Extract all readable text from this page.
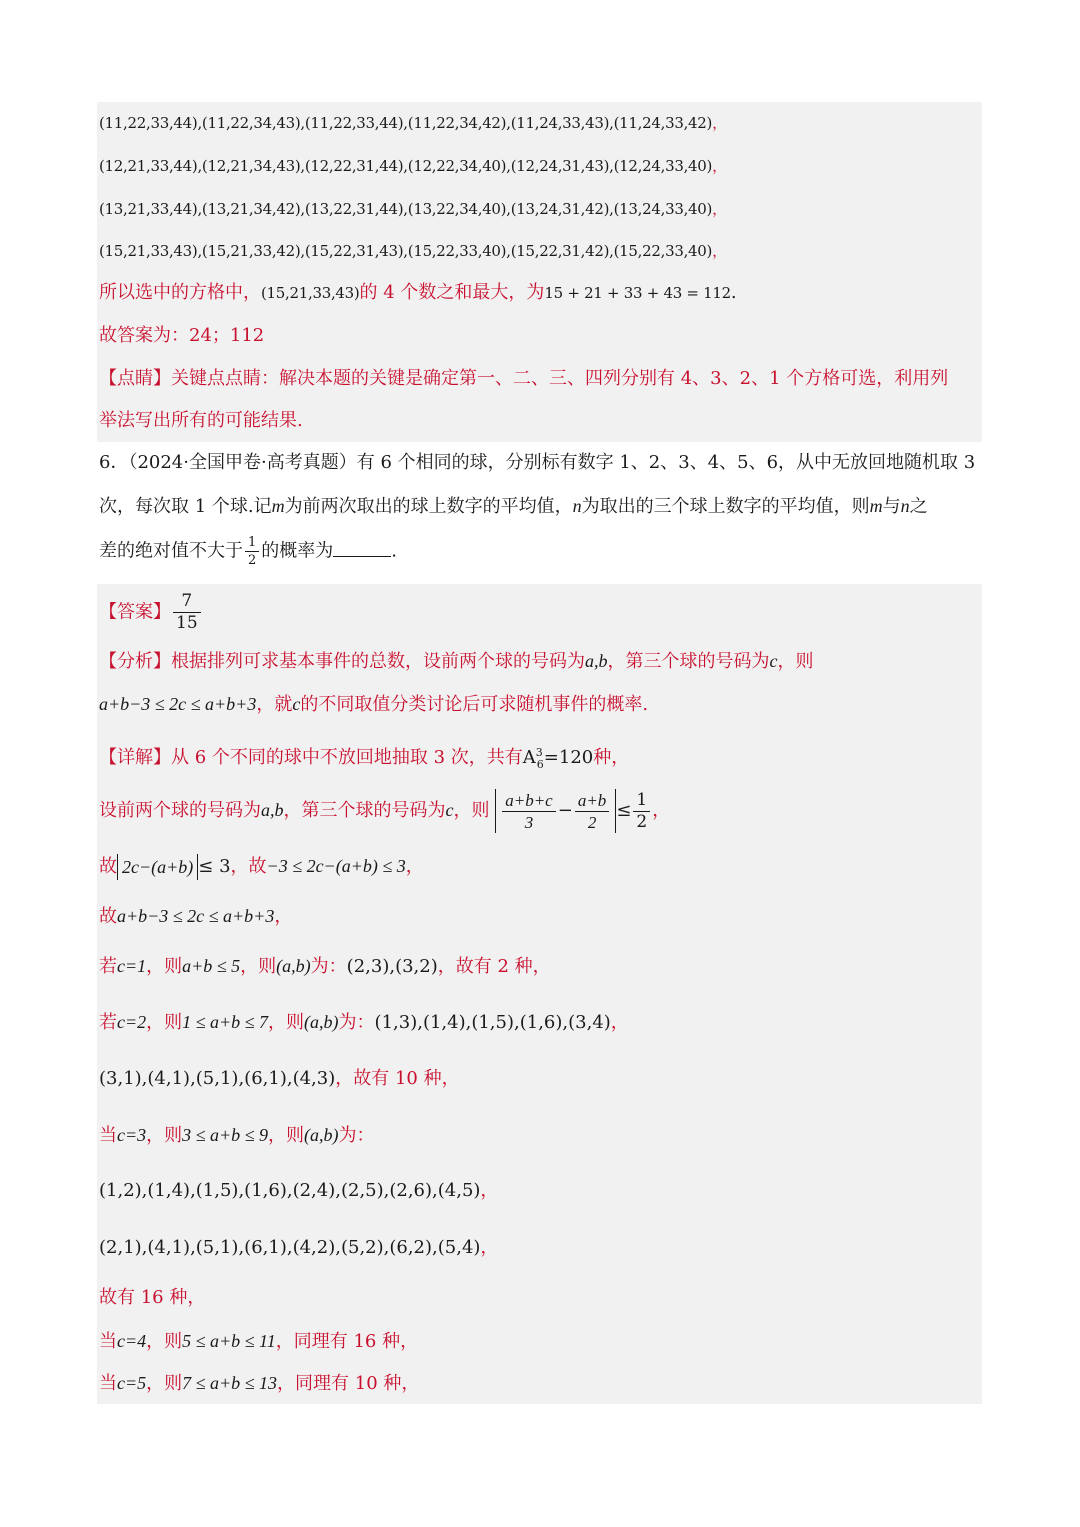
(11,22,33,44),(11,22,34,43),(11,22,33,44),(11,22,34,42),(11,24,33,43),(11,24,33,42)，
(12,21,33,44),(12,21,34,43),(12,22,31,44),(12,22,34,40),(12,24,31,43),(12,24,33,40)，
(13,21,33,44),(13,21,34,42),(13,22,31,44),(13,22,34,40),(13,24,31,42),(13,24,33,40)，
(15,21,33,43),(15,21,33,42),(15,22,31,43),(15,22,33,40),(15,22,31,42),(15,22,33,40)，
所以选中的方格中，(15,21,33,43)的 4 个数之和最大，为15 + 21 + 33 + 43 = 112.
故答案为：24；112
【点睛】关键点点睛：解决本题的关键是确定第一、二、三、四列分别有 4、3、2、1 个方格可选，利用列
举法写出所有的可能结果.
6．（2024·全国甲卷·高考真题）有 6 个相同的球，分别标有数字 1、2、3、4、5、6，从中无放回地随机取 3
次，每次取 1 个球.记m为前两次取出的球上数字的平均值，n为取出的三个球上数字的平均值，则m与n之
差的绝对值不大于 $\frac{1}{2}$ 的概率为	.
【答案】 $\frac{7}{15}$
【分析】根据排列可求基本事件的总数，设前两个球的号码为a,b，第三个球的号码为c，则
a+b−3 ≤ 2c ≤ a+b+3，就c的不同取值分类讨论后可求随机事件的概率.
【详解】从 6 个不同的球中不放回地抽取 3 次，共有$A^3_6=120$种，
设前两个球的号码为a,b，第三个球的号码为c，则 $\frac{a+b+c}{3} - \frac{a+b}{2} \le \frac{1}{2}$ ，
故 2c−(a+b) ≤ 3，故−3 ≤ 2c−(a+b) ≤ 3，
故a+b−3 ≤ 2c ≤ a+b+3，
若c=1，则a+b ≤ 5，则(a,b)为：(2,3),(3,2)，故有 2 种，
若c=2，则1 ≤ a+b ≤ 7，则(a,b)为：(1,3),(1,4),(1,5),(1,6),(3,4)，
(3,1),(4,1),(5,1),(6,1),(4,3)，故有 10 种，
当c=3，则3 ≤ a+b ≤ 9，则(a,b)为：
(1,2),(1,4),(1,5),(1,6),(2,4),(2,5),(2,6),(4,5)，
(2,1),(4,1),(5,1),(6,1),(4,2),(5,2),(6,2),(5,4)，
故有 16 种，
当c=4，则5 ≤ a+b ≤ 11，同理有 16 种，
当c=5，则7 ≤ a+b ≤ 13，同理有 10 种，
